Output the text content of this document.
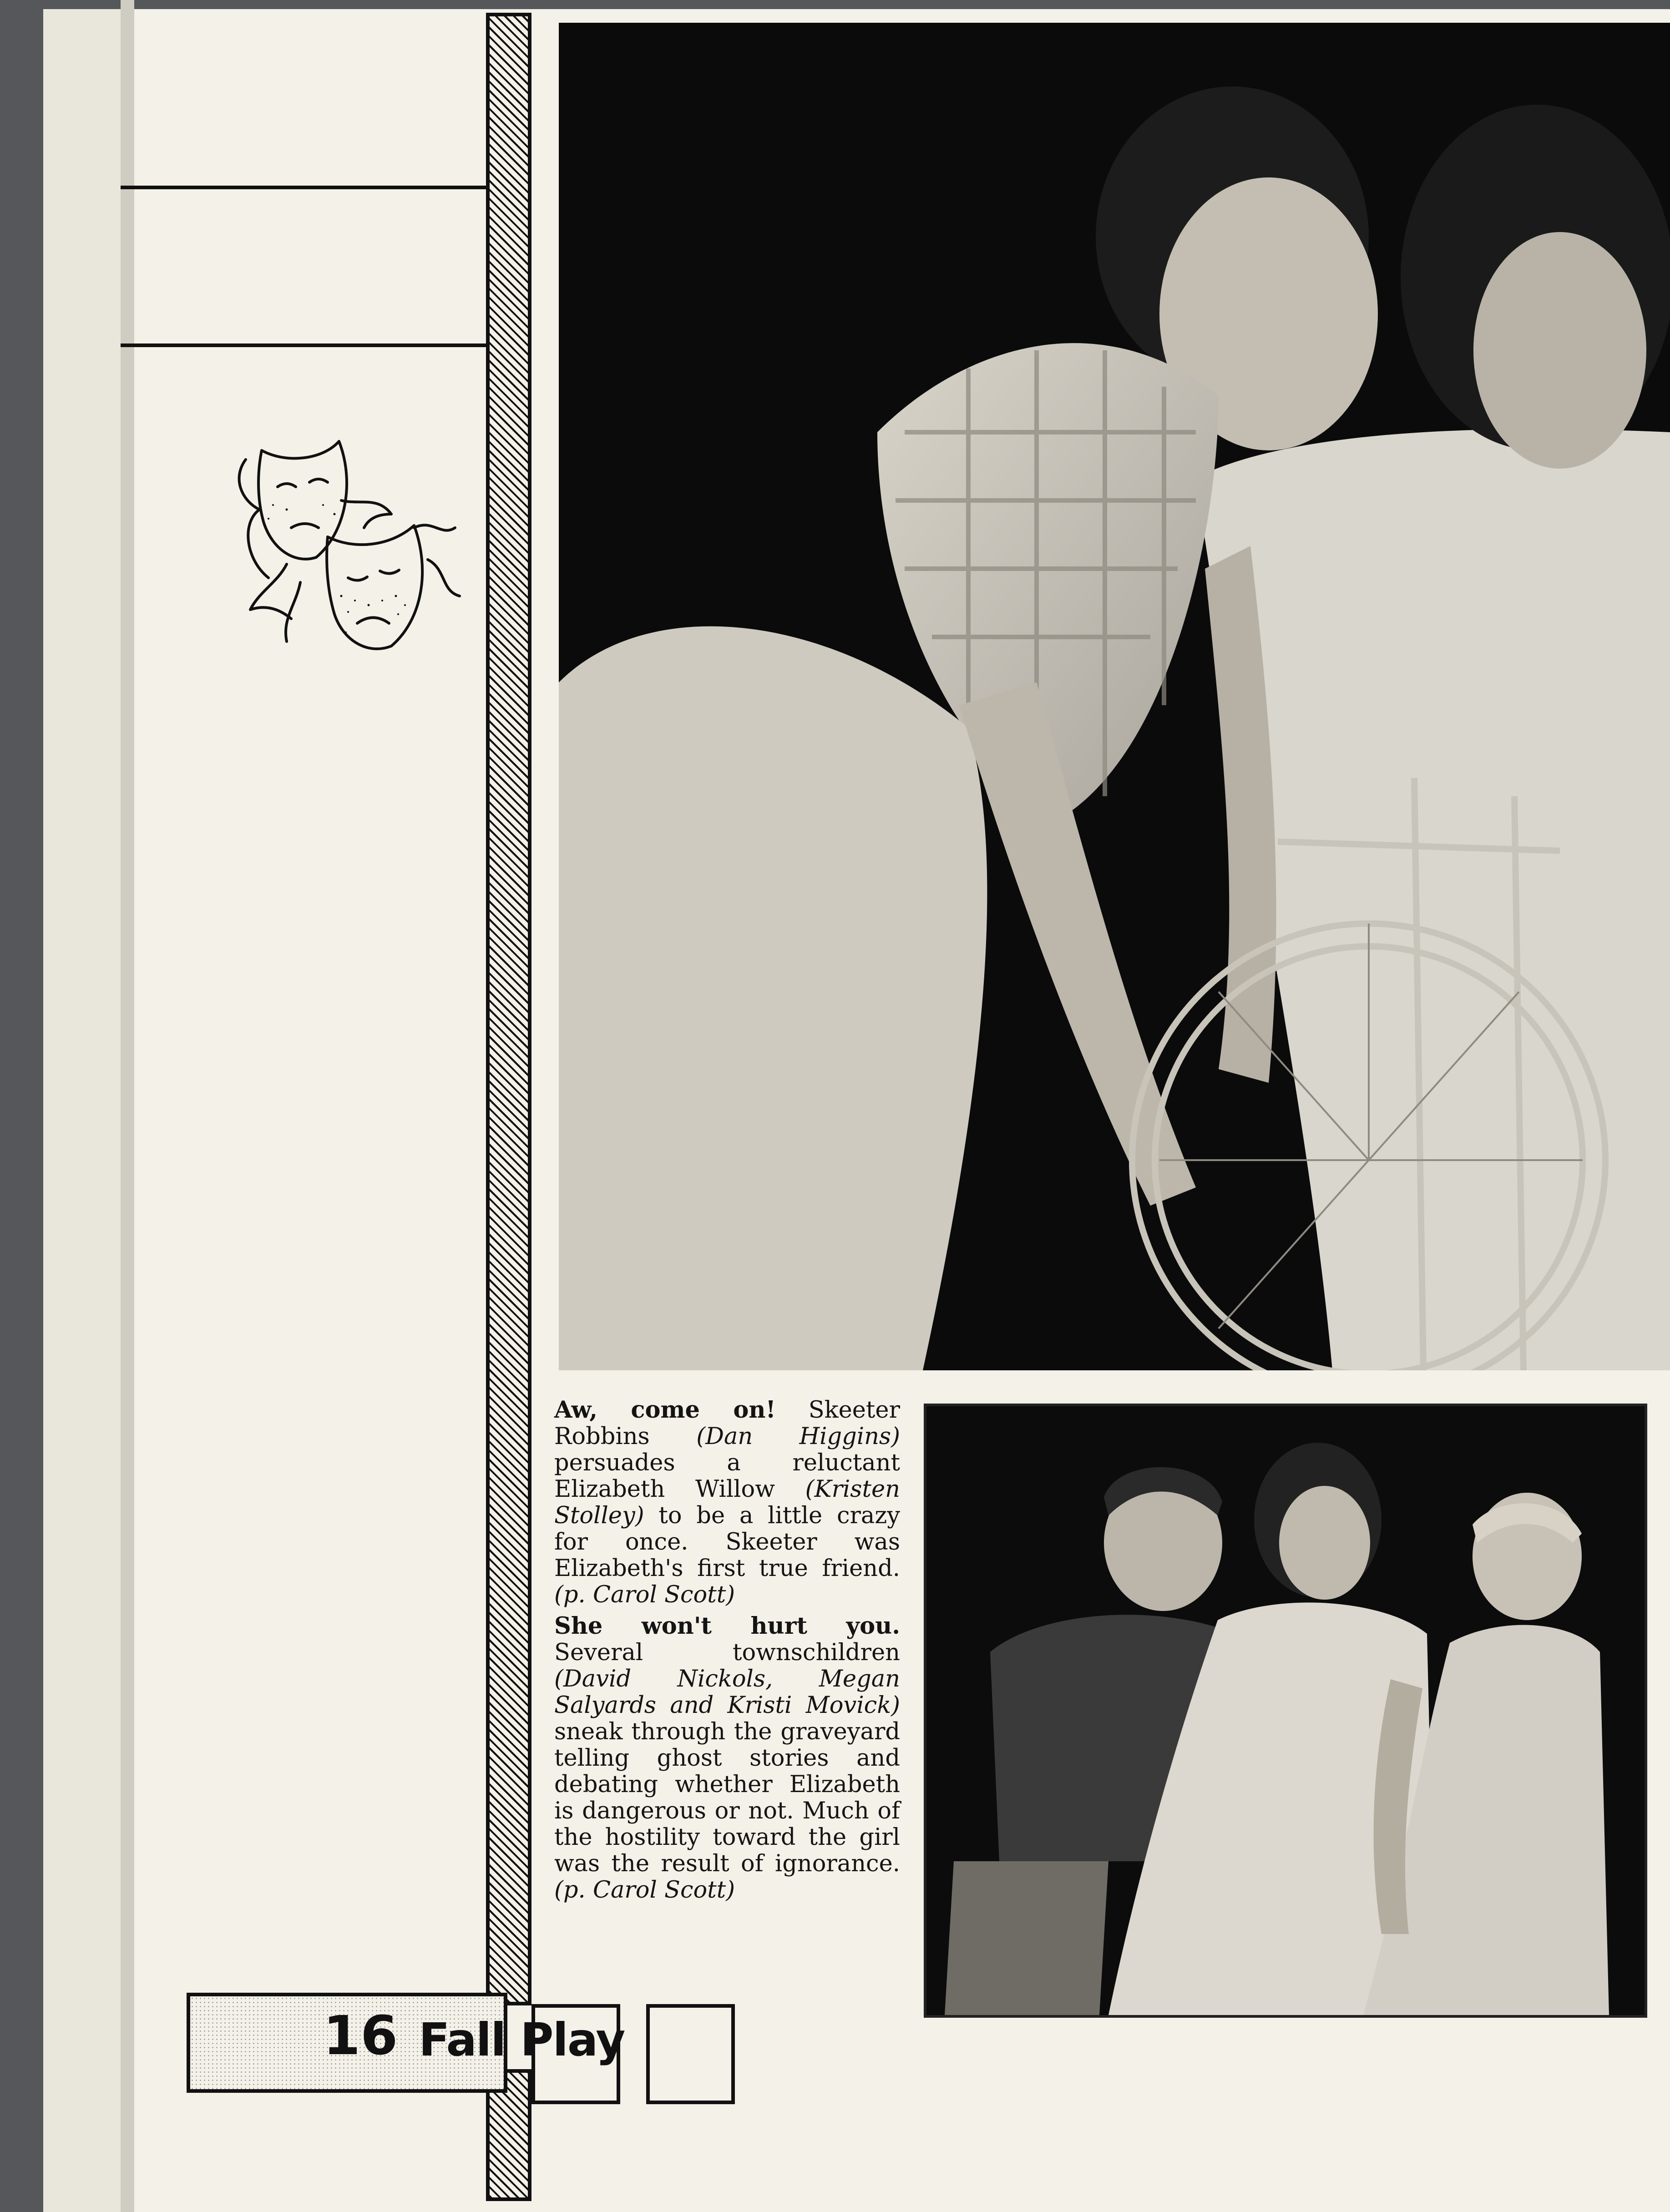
Aw, come on! Skeeter Robbins (Dan Higgins) persuades a reluctant Elizabeth Willow (Kristen Stolley) to be a little crazy for once. Skeeter was Elizabeth's first true friend. (p. Carol Scott)
She won't hurt you. Several townschildren (David Nickols, Megan Salyards and Kristi Movick) sneak through the graveyard telling ghost stories and debating whether Elizabeth is dangerous or not. Much of the hostility toward the girl was the result of ignorance. (p. Carol Scott)
16 Fall Play
